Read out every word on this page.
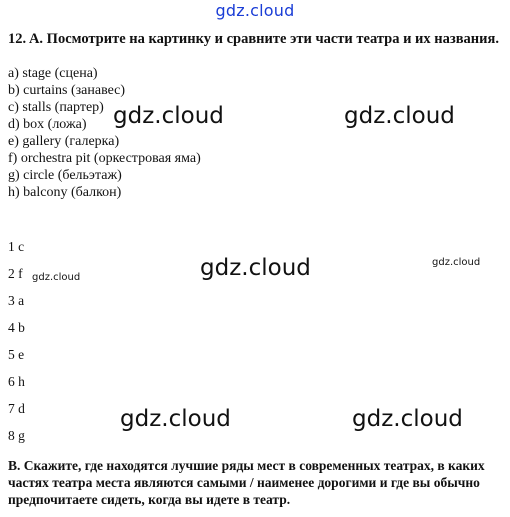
gdz.cloud
12. A. Посмотрите на картинку и сравните эти части театра и их названия.
a) stage (сцена)
b) curtains (занавес)
c) stalls (партер)
d) box (ложа)
e) gallery (галерка)
f) orchestra pit (оркестровая яма)
g) circle (бельэтаж)
h) balcony (балкон)
1 c
2 f
3 a
4 b
5 e
6 h
7 d
8 g
B. Скажите, где находятся лучшие ряды мест в современных театрах, в каких частях театра места являются самыми / наименее дорогими и где вы обычно предпочитаете сидеть, когда вы идете в театр.
gdz.cloud	gdz.cloud
gdz.cloud
gdz.cloud	gdz.cloud
gdz.cloud
gdz.cloud
